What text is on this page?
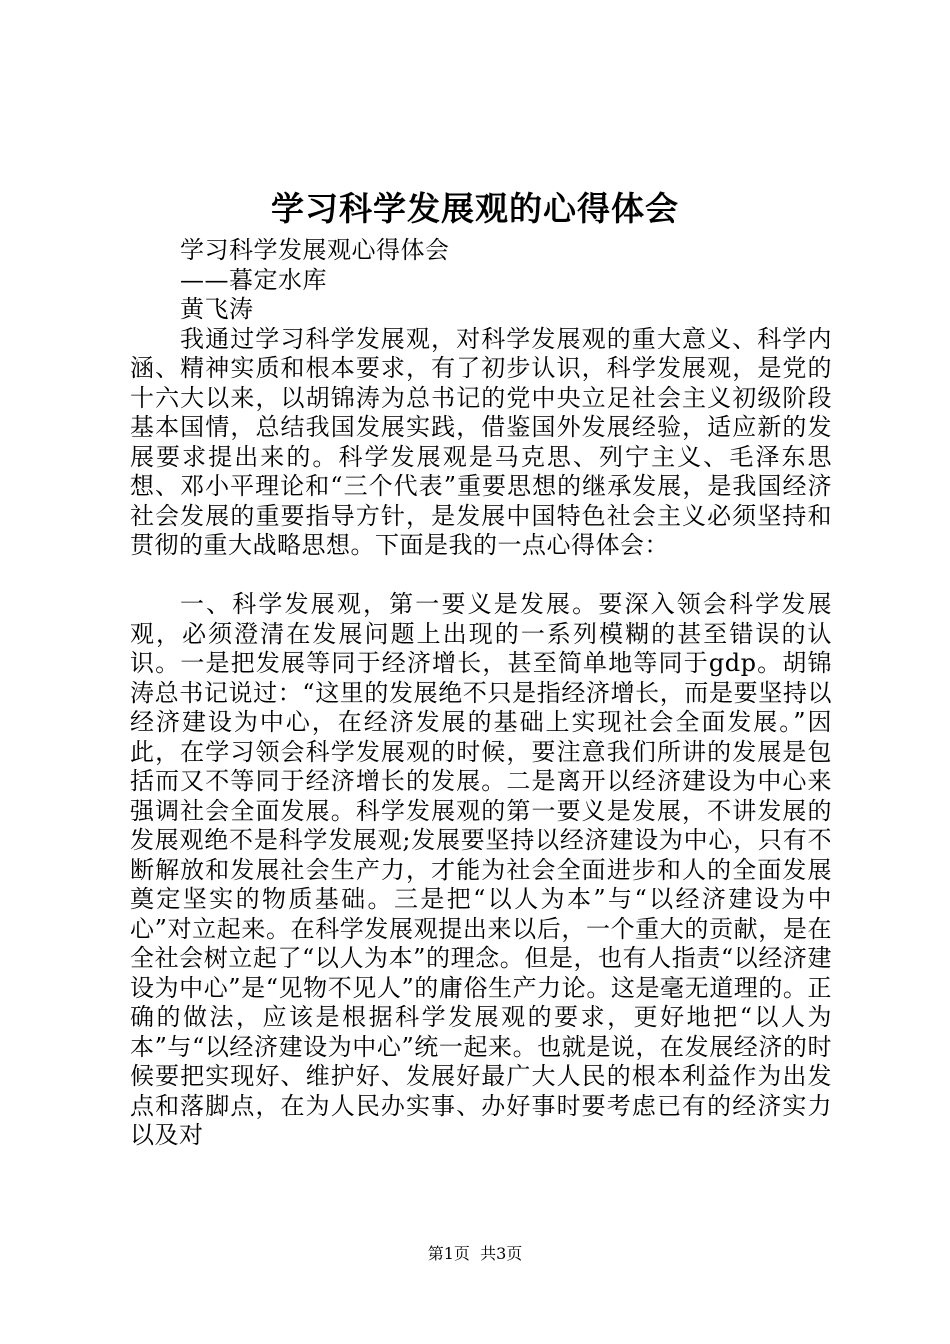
学习科学发展观的心得体会

学习科学发展观心得体会

——暮定水库

黄飞涛

我通过学习科学发展观，对科学发展观的重大意义、科学内涵、精神实质和根本要求，有了初步认识，科学发展观，是党的十六大以来，以胡锦涛为总书记的党中央立足社会主义初级阶段基本国情，总结我国发展实践，借鉴国外发展经验，适应新的发展要求提出来的。科学发展观是马克思、列宁主义、毛泽东思想、邓小平理论和“三个代表”重要思想的继承发展，是我国经济社会发展的重要指导方针，是发展中国特色社会主义必须坚持和贯彻的重大战略思想。下面是我的一点心得体会：

一、科学发展观，第一要义是发展。要深入领会科学发展观，必须澄清在发展问题上出现的一系列模糊的甚至错误的认识。一是把发展等同于经济增长，甚至简单地等同于gdp。胡锦涛总书记说过：“这里的发展绝不只是指经济增长，而是要坚持以经济建设为中心，在经济发展的基础上实现社会全面发展。”因此，在学习领会科学发展观的时候，要注意我们所讲的发展是包括而又不等同于经济增长的发展。二是离开以经济建设为中心来强调社会全面发展。科学发展观的第一要义是发展，不讲发展的发展观绝不是科学发展观;发展要坚持以经济建设为中心，只有不断解放和发展社会生产力，才能为社会全面进步和人的全面发展奠定坚实的物质基础。三是把“以人为本”与“以经济建设为中心”对立起来。在科学发展观提出来以后，一个重大的贡献，是在全社会树立起了“以人为本”的理念。但是，也有人指责“以经济建设为中心”是“见物不见人”的庸俗生产力论。这是毫无道理的。正确的做法，应该是根据科学发展观的要求，更好地把“以人为本”与“以经济建设为中心”统一起来。也就是说，在发展经济的时候要把实现好、维护好、发展好最广大人民的根本利益作为出发点和落脚点，在为人民办实事、办好事时要考虑已有的经济实力以及对

第1页 共3页
